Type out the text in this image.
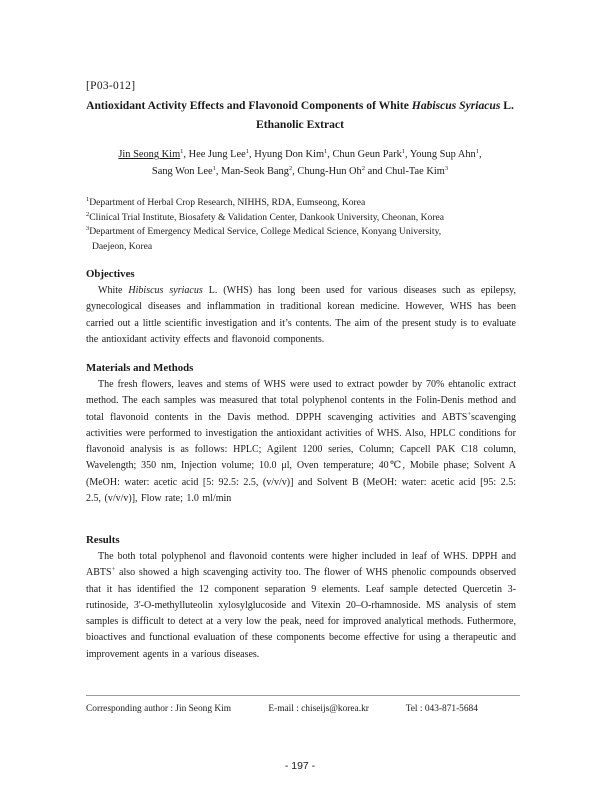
[P03-012]
Antioxidant Activity Effects and Flavonoid Components of White Habiscus Syriacus L.
Ethanolic Extract
Jin Seong Kim$^1$, Hee Jung Lee$^1$, Hyung Don Kim$^1$, Chun Geun Park$^1$, Young Sup Ahn$^1$,
Sang Won Lee$^1$, Man-Seok Bang$^2$, Chung-Hun Oh$^2$ and Chul-Tae Kim$^3$
$^1$Department of Herbal Crop Research, NIHHS, RDA, Eumseong, Korea
$^2$Clinical Trial Institute, Biosafety & Validation Center, Dankook University, Cheonan, Korea
$^3$Department of Emergency Medical Service, College Medical Science, Konyang University,
Daejeon, Korea
Objectives
White Hibiscus syriacus L. (WHS) has long been used for various diseases such as epilepsy, gynecological diseases and inflammation in traditional korean medicine. However, WHS has been carried out a little scientific investigation and it’s contents. The aim of the present study is to evaluate the antioxidant activity effects and flavonoid components.
Materials and Methods
The fresh flowers, leaves and stems of WHS were used to extract powder by 70% ehtanolic extract method. The each samples was measured that total polyphenol contents in the Folin-Denis method and total flavonoid contents in the Davis method. DPPH scavenging activities and ABTS+scavenging activities were performed to investigation the antioxidant activities of WHS. Also, HPLC conditions for flavonoid analysis is as follows: HPLC; Agilent 1200 series, Column; Capcell PAK C18 column, Wavelength; 350 nm, Injection volume; 10.0 μl, Oven temperature; 40℃, Mobile phase; Solvent A (MeOH: water: acetic acid [5: 92.5: 2.5, (v/v/v)] and Solvent B (MeOH: water: acetic acid [95: 2.5: 2.5, (v/v/v)], Flow rate; 1.0 ml/min
Results
The both total polyphenol and flavonoid contents were higher included in leaf of WHS. DPPH and ABTS+ also showed a high scavenging activity too. The flower of WHS phenolic compounds observed that it has identified the 12 component separation 9 elements. Leaf sample detected Quercetin 3-rutinoside, 3'-O-methylluteolin xylosylglucoside and Vitexin 20–O-rhamnoside. MS analysis of stem samples is difficult to detect at a very low the peak, need for improved analytical methods. Futhermore, bioactives and functional evaluation of these components become effective for using a therapeutic and improvement agents in a various diseases.
Corresponding author : Jin Seong Kim	E-mail : chiseijs@korea.kr	Tel : 043-871-5684
- 197 -
